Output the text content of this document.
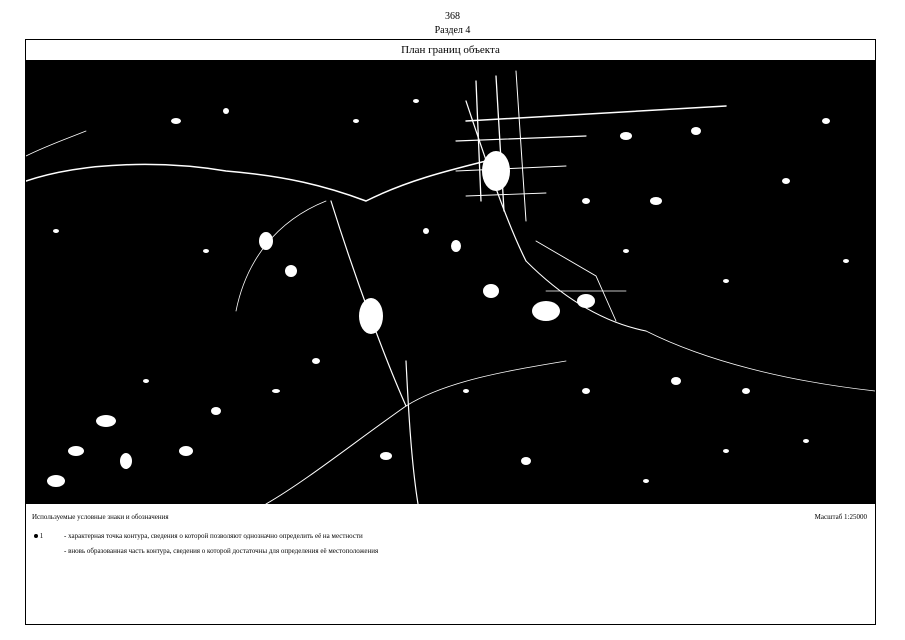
368
Раздел 4
План границ объекта
Используемые условные знаки и обозначения	Масштаб 1:25000
1	- характерная точка контура, сведения о которой позволяют однозначно определить её на местности
- вновь образованная часть контура, сведения о которой достаточны для определения её местоположения
